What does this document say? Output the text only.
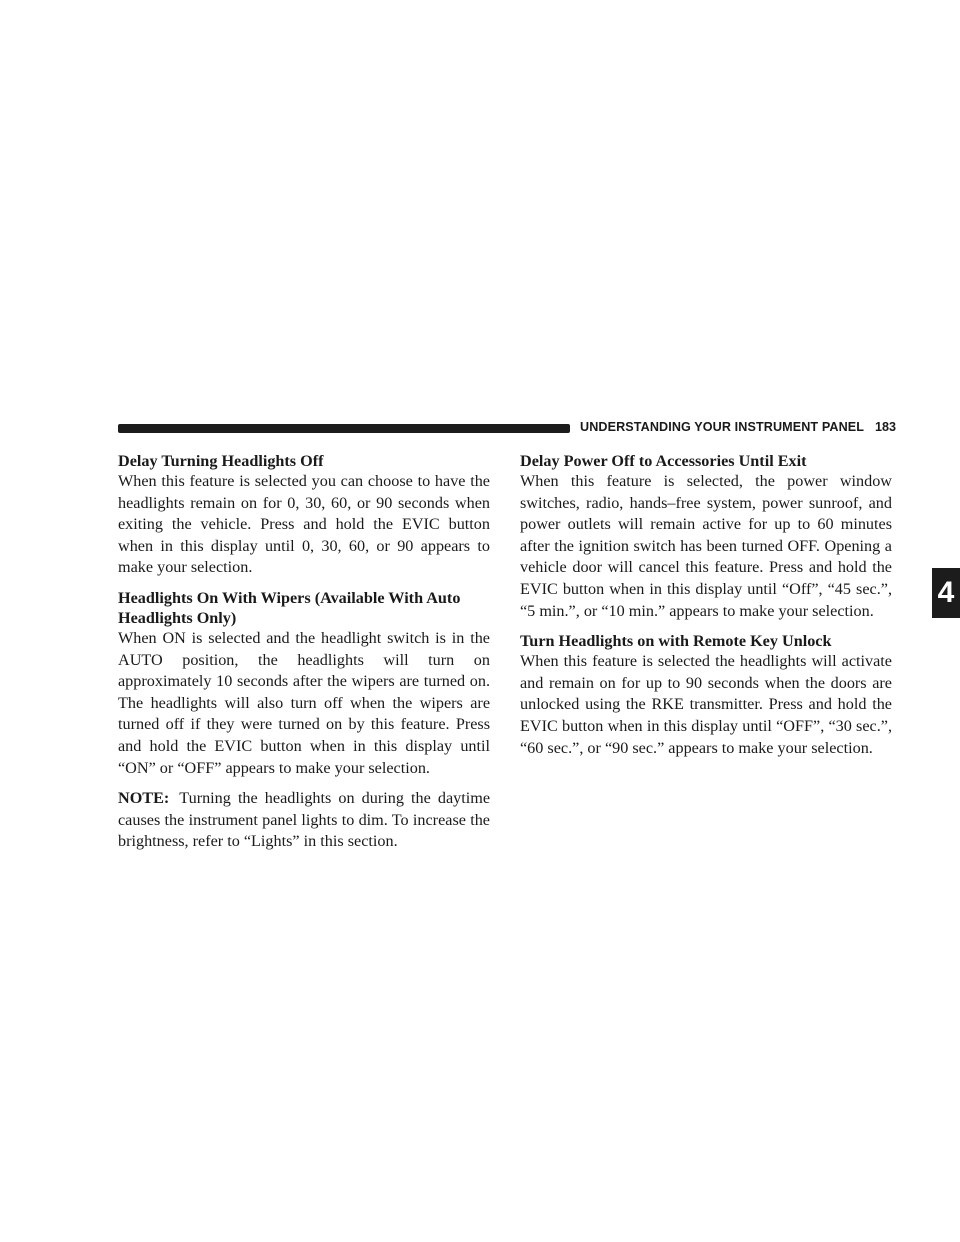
UNDERSTANDING YOUR INSTRUMENT PANEL 183
4
Delay Turning Headlights Off

When this feature is selected you can choose to have the headlights remain on for 0, 30, 60, or 90 seconds when exiting the vehicle. Press and hold the EVIC button when in this display until 0, 30, 60, or 90 appears to make your selection.

Headlights On With Wipers (Available With Auto Headlights Only)

When ON is selected and the headlight switch is in the AUTO position, the headlights will turn on approximately 10 seconds after the wipers are turned on. The headlights will also turn off when the wipers are turned off if they were turned on by this feature. Press and hold the EVIC button when in this display until “ON” or “OFF” appears to make your selection.

NOTE: Turning the headlights on during the daytime causes the instrument panel lights to dim. To increase the brightness, refer to “Lights” in this section.

Delay Power Off to Accessories Until Exit

When this feature is selected, the power window switches, radio, hands–free system, power sunroof, and power outlets will remain active for up to 60 minutes after the ignition switch has been turned OFF. Opening a vehicle door will cancel this feature. Press and hold the EVIC button when in this display until “Off”, “45 sec.”, “5 min.”, or “10 min.” appears to make your selection.

Turn Headlights on with Remote Key Unlock

When this feature is selected the headlights will activate and remain on for up to 90 seconds when the doors are unlocked using the RKE transmitter. Press and hold the EVIC button when in this display until “OFF”, “30 sec.”, “60 sec.”, or “90 sec.” appears to make your selection.
